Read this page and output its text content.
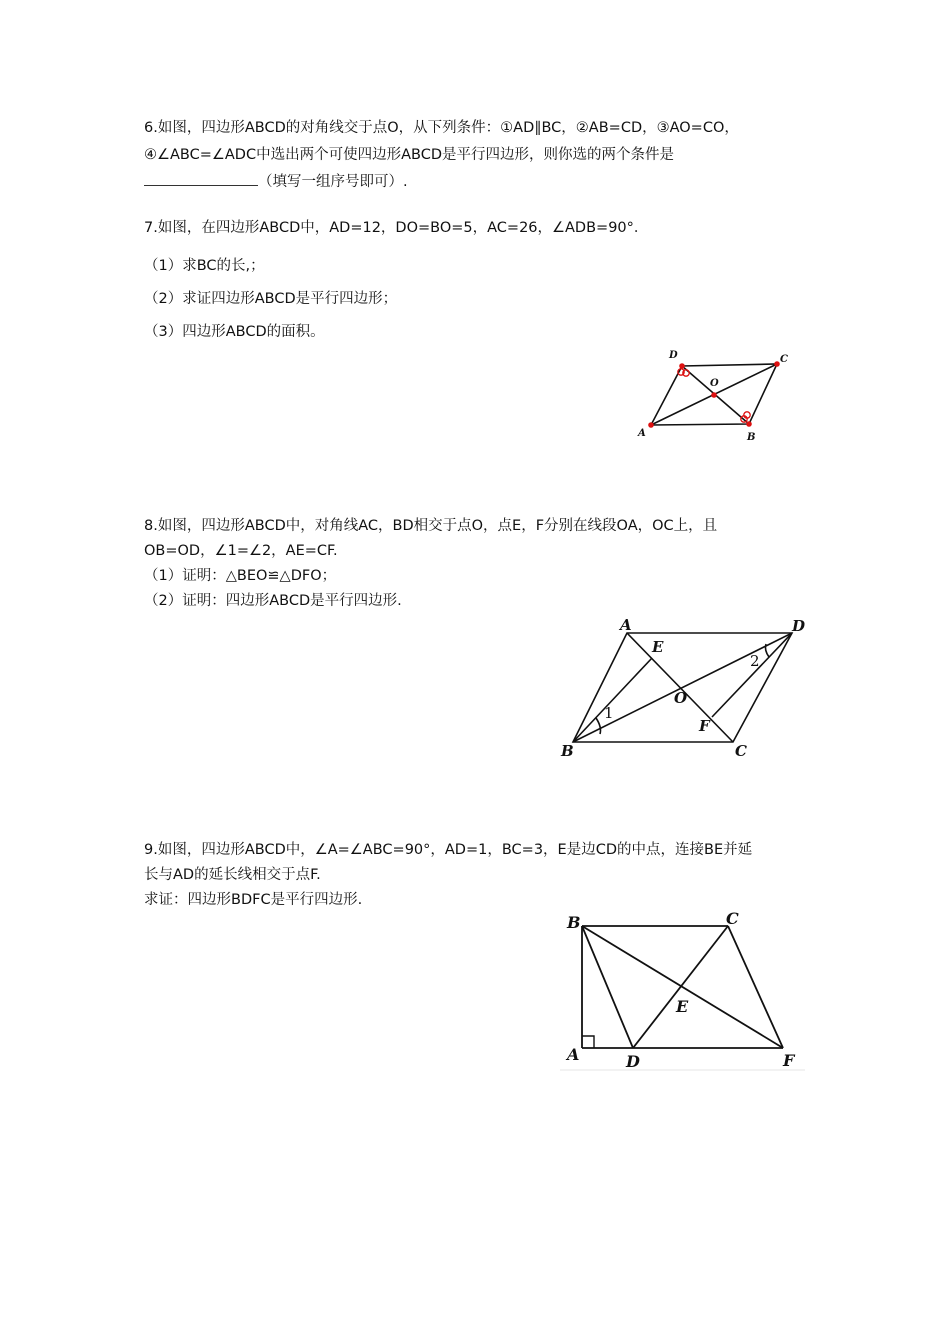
6.如图，四边形ABCD的对角线交于点O，从下列条件：①AD∥BC，②AB=CD，③AO=CO，
④∠ABC=∠ADC中选出两个可使四边形ABCD是平行四边形，则你选的两个条件是
（填写一组序号即可）.
7.如图，在四边形ABCD中，AD=12，DO=BO=5，AC=26，∠ADB=90°．
（1）求BC的长,；
（2）求证四边形ABCD是平行四边形；
（3）四边形ABCD的面积。
D	C
O
A	B
8.如图，四边形ABCD中，对角线AC，BD相交于点O，点E，F分别在线段OA，OC上，且
OB=OD，∠1=∠2，AE=CF.
（1）证明：△BEO≌△DFO；
（2）证明：四边形ABCD是平行四边形.
A	D
E
2
O
1
F
B	C
9.如图，四边形ABCD中，∠A=∠ABC=90°，AD=1，BC=3，E是边CD的中点，连接BE并延
长与AD的延长线相交于点F.
求证：四边形BDFC是平行四边形.
B	C
E
A	D	F
